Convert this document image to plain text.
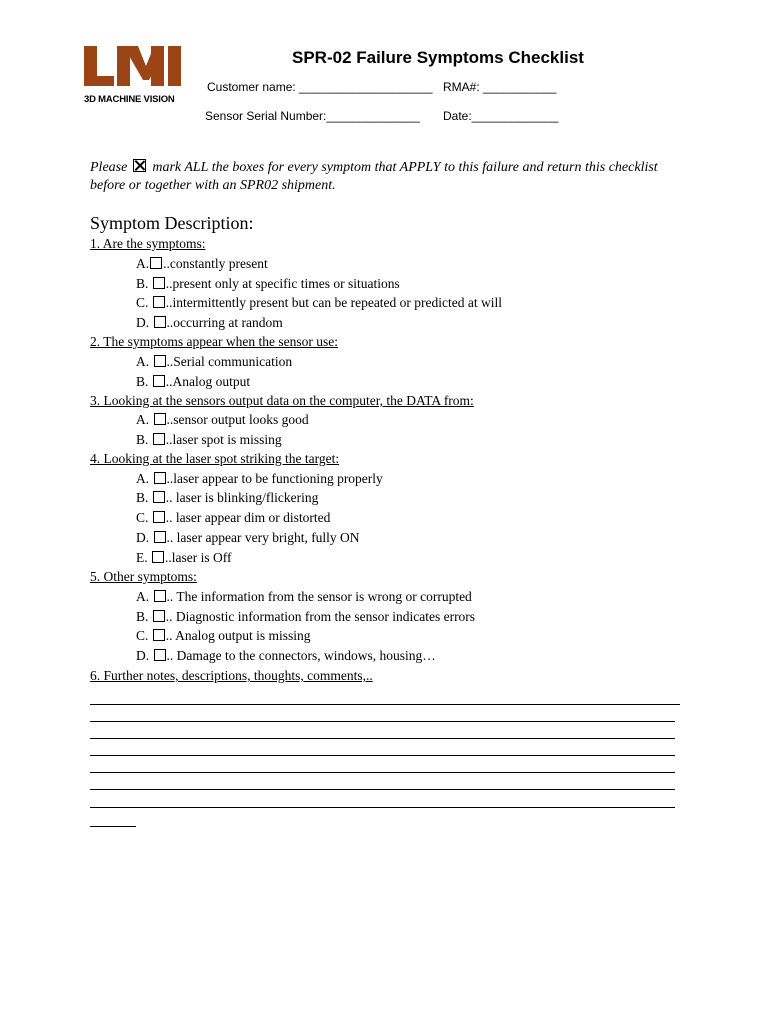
3D MACHINE VISION
SPR-02 Failure Symptoms Checklist
Customer name: ____________________ RMA#: ___________
Sensor Serial Number:______________ Date:_____________
Please  mark ALL the boxes for every symptom that APPLY to this failure and return this checklist before or together with an SPR02 shipment.
Symptom Description:
1. Are the symptoms:
A. ..constantly present
B. ..present only at specific times or situations
C. ..intermittently present but can be repeated or predicted at will
D. ..occurring at random
2. The symptoms appear when the sensor use:
A. ..Serial communication
B. ..Analog output
3. Looking at the sensors output data on the computer, the DATA from:
A. ..sensor output looks good
B. ..laser spot is missing
4. Looking at the laser spot striking the target:
A. ..laser appear to be functioning properly
B. .. laser is blinking/flickering
C. .. laser appear dim or distorted
D. .. laser appear very bright, fully ON
E. ..laser is Off
5. Other symptoms:
A. .. The information from the sensor is wrong or corrupted
B. .. Diagnostic information from the sensor indicates errors
C. .. Analog output is missing
D. .. Damage to the connectors, windows, housing…
6. Further notes, descriptions, thoughts, comments,..
